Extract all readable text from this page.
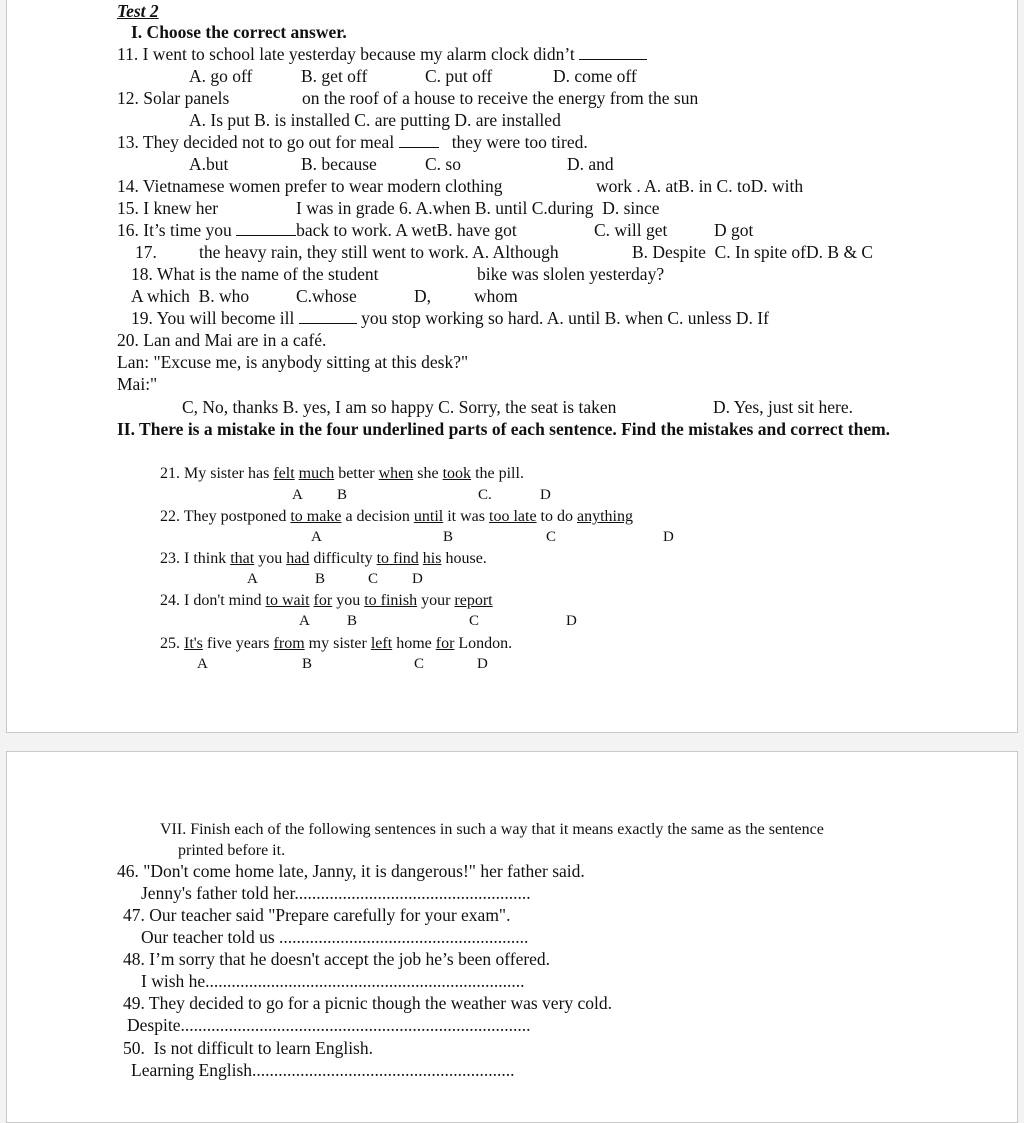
Test 2
I. Choose the correct answer.
11. I went to school late yesterday because my alarm clock didn’t
A. go off	B. get off	C. put off	D. come off
12. Solar panels	on the roof of a house to receive the energy from the sun
A. Is put B. is installed C. are putting D. are installed
13. They decided not to go out for meal	they were too tired.
A.but	B. because	C. so	D. and
14. Vietnamese women prefer to wear modern clothing	work . A. atB. in C. toD. with
15. I knew her	I was in grade 6. A.when B. until C.during  D. since
16. It’s time you	back to work. A wetB. have got	C. will get	D got
17. the heavy rain, they still went to work. A. Although	B. Despite  C. In spite ofD. B & C
18. What is the name of the student	bike was slolen yesterday?
A which  B. who	C.whose	D, whom
19. You will become ill	you stop working so hard. A. until B. when C. unless D. If
20. Lan and Mai are in a café.
Lan: "Excuse me, is anybody sitting at this desk?"
Mai:"
C, No, thanks B. yes, I am so happy C. Sorry, the seat is taken	D. Yes, just sit here.
II. There is a mistake in the four underlined parts of each sentence. Find the mistakes and correct them.
21. My sister has felt much better when she took the pill.
A B	C.	D
22. They postponed to make a decision until it was too late to do anything
A	B	C	D
23. I think that you had difficulty to find his house.
A	B	C D
24. I don't mind to wait for you to finish your report
A B	C	D
25. It's five years from my sister left home for London.
A	B	C	D
VII. Finish each of the following sentences in such a way that it means exactly the same as the sentence
printed before it.
46. "Don't come home late, Janny, it is dangerous!" her father said.
Jenny's father told her......................................................
47. Our teacher said "Prepare carefully for your exam".
Our teacher told us .........................................................
48. I’m sorry that he doesn't accept the job he’s been offered.
I wish he.........................................................................
49. They decided to go for a picnic though the weather was very cold.
Despite................................................................................
50.  Is not difficult to learn English.
Learning English............................................................
